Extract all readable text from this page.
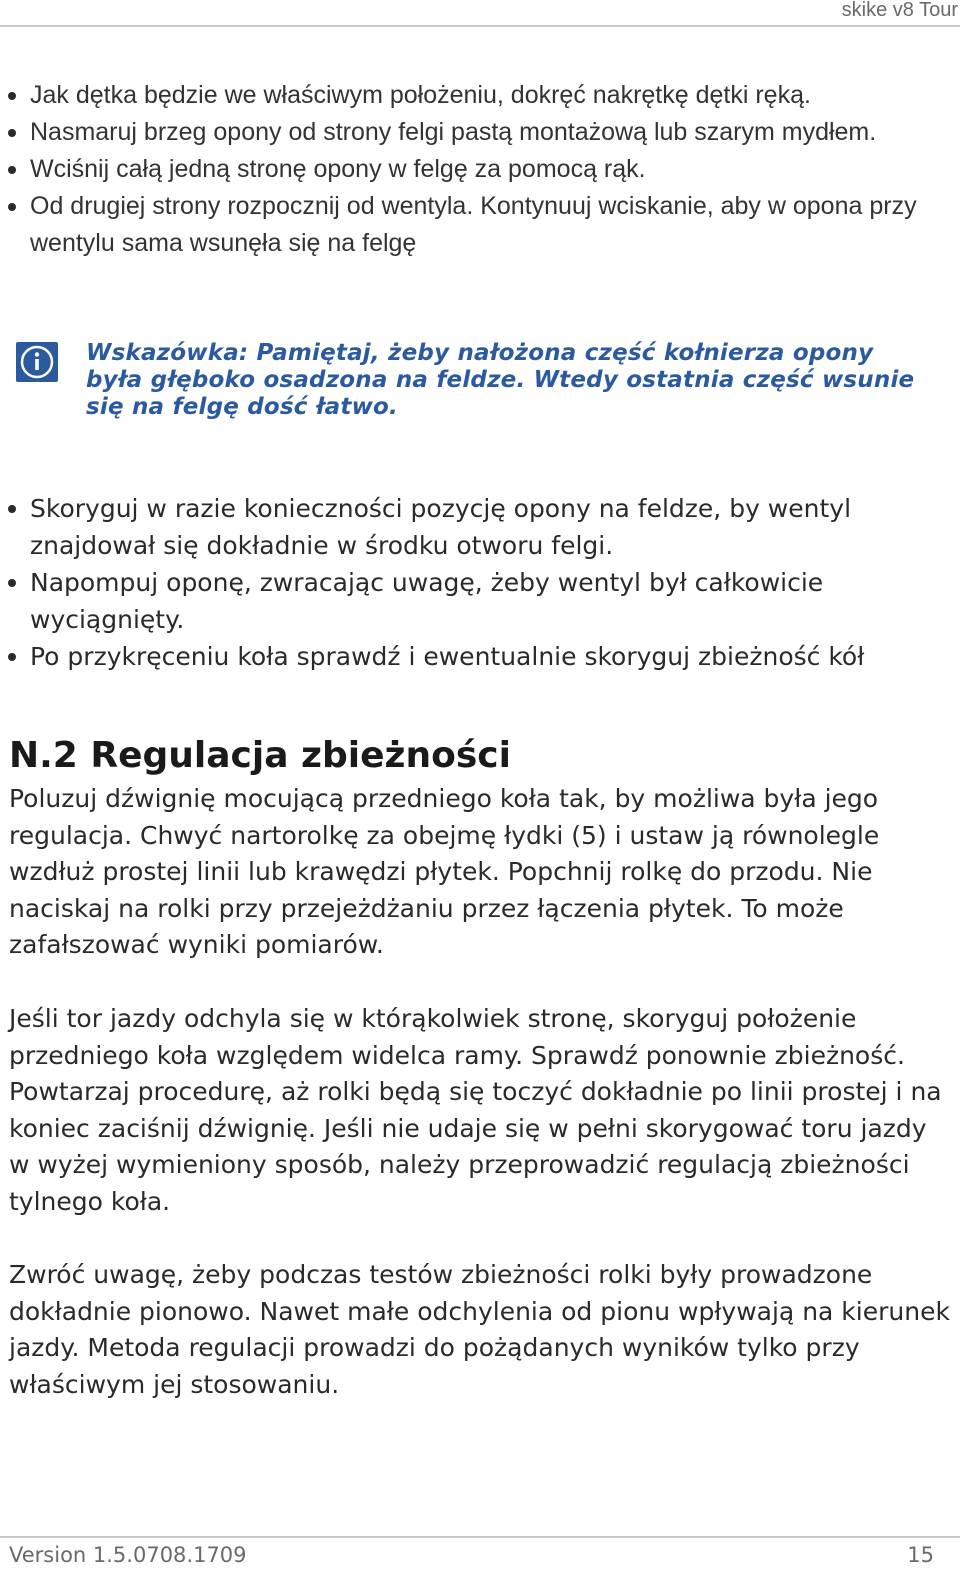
skike v8 Tour
Jak dętka będzie we właściwym położeniu, dokręć nakrętkę dętki ręką.
Nasmaruj brzeg opony od strony felgi pastą montażową lub szarym mydłem.
Wciśnij całą jedną stronę opony w felgę za pomocą rąk.
Od drugiej strony rozpocznij od wentyla. Kontynuuj wciskanie, aby w opona przy wentylu sama wsunęła się na felgę
Wskazówka: Pamiętaj, żeby nałożona część kołnierza opony była głęboko osadzona na feldze. Wtedy ostatnia część wsunie się na felgę dość łatwo.
Skoryguj w razie konieczności pozycję opony na feldze, by wentyl znajdował się dokładnie w środku otworu felgi.
Napompuj oponę, zwracając uwagę, żeby wentyl był całkowicie wyciągnięty.
Po przykręceniu koła sprawdź i ewentualnie skoryguj zbieżność kół
N.2 Regulacja zbieżności

Poluzuj dźwignię mocującą przedniego koła tak, by możliwa była jego regulacja. Chwyć nartorolkę za obejmę łydki (5) i ustaw ją równolegle wzdłuż prostej linii lub krawędzi płytek. Popchnij rolkę do przodu. Nie naciskaj na rolki przy przejeżdżaniu przez łączenia płytek. To może zafałszować wyniki pomiarów.

Jeśli tor jazdy odchyla się w którąkolwiek stronę, skoryguj położenie przedniego koła względem widelca ramy. Sprawdź ponownie zbieżność. Powtarzaj procedurę, aż rolki będą się toczyć dokładnie po linii prostej i na koniec zaciśnij dźwignię. Jeśli nie udaje się w pełni skorygować toru jazdy w wyżej wymieniony sposób, należy przeprowadzić regulacją zbieżności tylnego koła.

Zwróć uwagę, żeby podczas testów zbieżności rolki były prowadzone dokładnie pionowo. Nawet małe odchylenia od pionu wpływają na kierunek jazdy. Metoda regulacji prowadzi do pożądanych wyników tylko przy właściwym jej stosowaniu.

Version 1.5.0708.1709	15
